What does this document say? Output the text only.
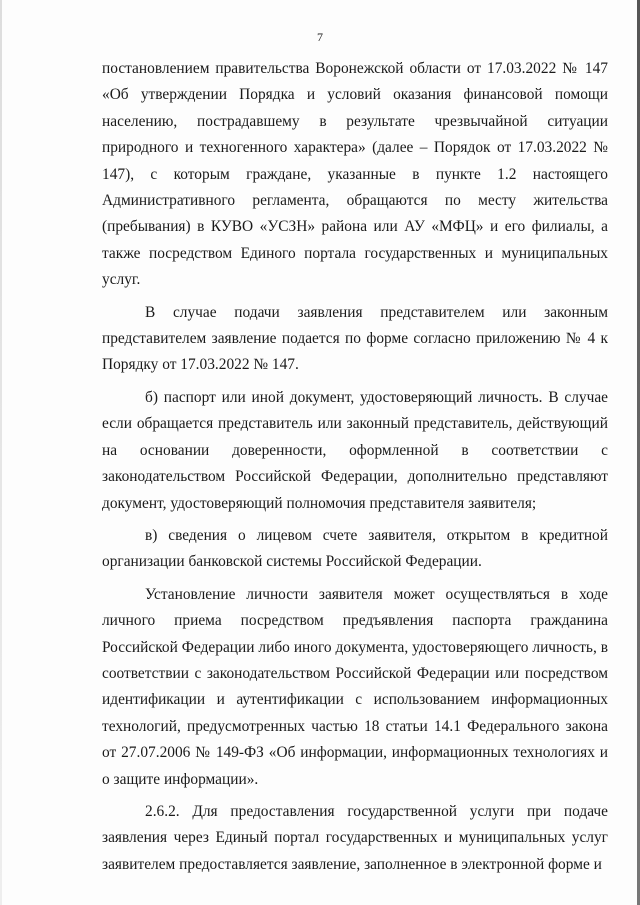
7

постановлением правительства Воронежской области от 17.03.2022 № 147 «Об утверждении Порядка и условий оказания финансовой помощи населению, пострадавшему в результате чрезвычайной ситуации природного и техногенного характера» (далее – Порядок от 17.03.2022 № 147), с которым граждане, указанные в пункте 1.2 настоящего Административного регламента, обращаются по месту жительства (пребывания) в КУВО «УСЗН» района или АУ «МФЦ» и его филиалы, а также посредством Единого портала государственных и муниципальных услуг.

В случае подачи заявления представителем или законным представителем заявление подается по форме согласно приложению № 4 к Порядку от 17.03.2022 № 147.

б) паспорт или иной документ, удостоверяющий личность. В случае если обращается представитель или законный представитель, действующий на основании доверенности, оформленной в соответствии с законодательством Российской Федерации, дополнительно представляют документ, удостоверяющий полномочия представителя заявителя;

в) сведения о лицевом счете заявителя, открытом в кредитной организации банковской системы Российской Федерации.

Установление личности заявителя может осуществляться в ходе личного приема посредством предъявления паспорта гражданина Российской Федерации либо иного документа, удостоверяющего личность, в соответствии с законодательством Российской Федерации или посредством идентификации и аутентификации с использованием информационных технологий, предусмотренных частью 18 статьи 14.1 Федерального закона от 27.07.2006 № 149-ФЗ «Об информации, информационных технологиях и о защите информации».

2.6.2. Для предоставления государственной услуги при подаче заявления через Единый портал государственных и муниципальных услуг заявителем предоставляется заявление, заполненное в электронной форме и
